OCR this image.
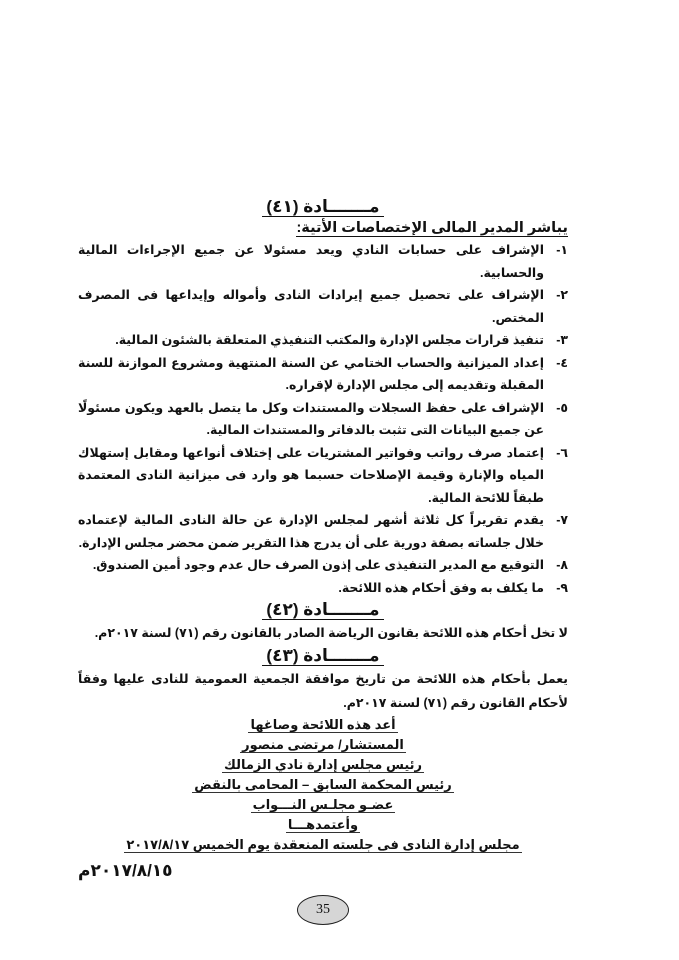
مـــــــادة (٤١)
يباشر المدير المالى الإختصاصات الأتية:
١-
الإشراف على حسابات النادي ويعد مسئولا عن جميع الإجراءات المالية والحسابية.
٢-
الإشراف على تحصيل جميع إيرادات النادى وأمواله وإيداعها فى المصرف المختص.
٣-
تنفيذ قرارات مجلس الإدارة والمكتب التنفيذي المتعلقة بالشئون المالية.
٤-
إعداد الميزانية والحساب الختامي عن السنة المنتهية ومشروع الموازنة للسنة المقبلة وتقديمه إلى مجلس الإدارة لإقراره.
٥-
الإشراف على حفظ السجلات والمستندات وكل ما يتصل بالعهد ويكون مسئولًا عن جميع البيانات التى تثبت بالدفاتر والمستندات المالية.
٦-
إعتماد صرف رواتب وفواتير المشتريات على إختلاف أنواعها ومقابل إستهلاك المياه والإنارة وقيمة الإصلاحات حسبما هو وارد فى ميزانية النادى المعتمدة طبقاً للائحة المالية.
٧-
يقدم تقريراً كل ثلاثة أشهر لمجلس الإدارة عن حالة النادى المالية لإعتماده خلال جلساته بصفة دورية على أن يدرج هذا التقرير ضمن محضر مجلس الإدارة.
٨-
التوقيع مع المدير التنفيذى على إذون الصرف حال عدم وجود أمين الصندوق.
٩-
ما يكلف به وفق أحكام هذه اللائحة.
مـــــــادة (٤٢)
لا تخل أحكام هذه اللائحة بقانون الرياضة الصادر بالقانون رقم (٧١) لسنة ٢٠١٧م.
مـــــــادة (٤٣)
يعمل بأحكام هذه اللائحة من تاريخ موافقة الجمعية العمومية للنادى عليها وفقاً لأحكام القانون رقم (٧١) لسنة ٢٠١٧م.
أعد هذه اللائحة وصاغها
المستشار/ مرتضى منصور
رئيس مجلس إدارة نادي الزمالك
رئيس المحكمة السابق – المحامى بالنقض
عضـو مجلـس النـــواب
وأعتمدهـــا
مجلس إدارة النادى فى جلسته المنعقدة يوم الخميس ٢٠١٧/٨/١٧
٢٠١٧/٨/١٥م
35
